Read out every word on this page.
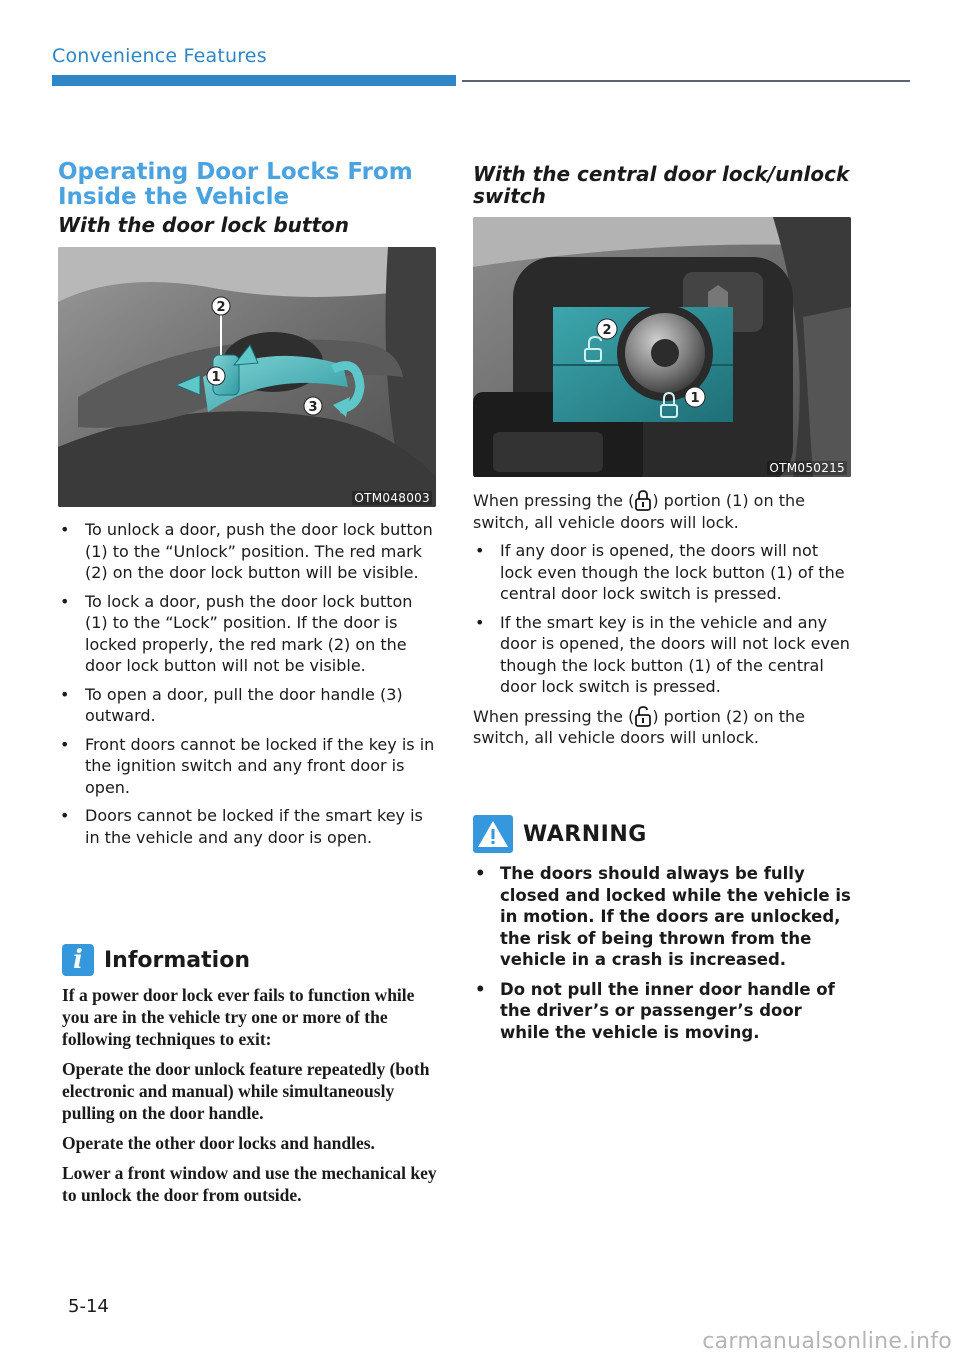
Convenience Features
Operating Door Locks From Inside the Vehicle
With the door lock button
2
1
3
OTM048003
• To unlock a door, push the door lock button (1) to the “Unlock” position. The red mark (2) on the door lock button will be visible.
• To lock a door, push the door lock button (1) to the “Lock” position. If the door is locked properly, the red mark (2) on the door lock button will not be visible.
• To open a door, pull the door handle (3) outward.
• Front doors cannot be locked if the key is in the ignition switch and any front door is open.
• Doors cannot be locked if the smart key is in the vehicle and any door is open.
i Information

If a power door lock ever fails to function while you are in the vehicle try one or more of the following techniques to exit:

Operate the door unlock feature repeatedly (both electronic and manual) while simultaneously pulling on the door handle.

Operate the other door locks and handles.

Lower a front window and use the mechanical key to unlock the door from outside.

With the central door lock/unlock switch
2
1
OTM050215
When pressing the ( ) portion (1) on the switch, all vehicle doors will lock.
• If any door is opened, the doors will not lock even though the lock button (1) of the central door lock switch is pressed.
• If the smart key is in the vehicle and any door is opened, the doors will not lock even though the lock button (1) of the central door lock switch is pressed.
When pressing the ( ) portion (2) on the switch, all vehicle doors will unlock.
WARNING
• The doors should always be fully closed and locked while the vehicle is in motion. If the doors are unlocked, the risk of being thrown from the vehicle in a crash is increased.
• Do not pull the inner door handle of the driver’s or passenger’s door while the vehicle is moving.
5-14
carmanualsonline.info
